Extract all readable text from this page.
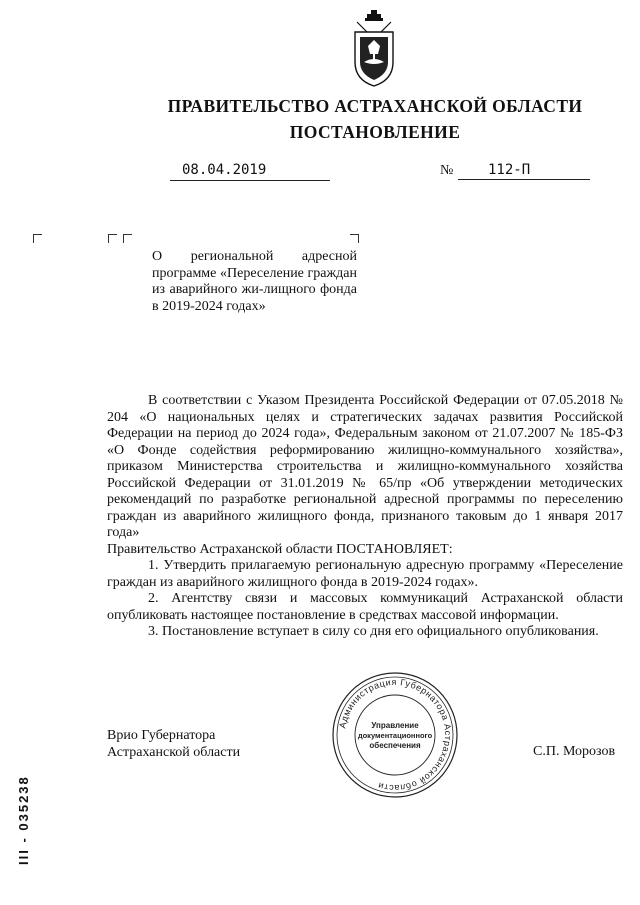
ПРАВИТЕЛЬСТВО АСТРАХАНСКОЙ ОБЛАСТИ
ПОСТАНОВЛЕНИЕ
08.04.2019	№	112-П
О региональной адресной программе «Переселение граждан из аварийного жи-лищного фонда в 2019-2024 годах»

В соответствии с Указом Президента Российской Федерации от 07.05.2018 № 204 «О национальных целях и стратегических задачах развития Российской Федерации на период до 2024 года», Федеральным законом от 21.07.2007 № 185-ФЗ «О Фонде содействия реформированию жилищно-коммунального хозяйства», приказом Министерства строительства и жилищно-коммунального хозяйства Российской Федерации от 31.01.2019 № 65/пр «Об утверждении методических рекомендаций по разработке региональной адресной программы по переселению граждан из аварийного жилищного фонда, признаного таковым до 1 января 2017 года»

Правительство Астраханской области ПОСТАНОВЛЯЕТ:

1. Утвердить прилагаемую региональную адресную программу «Переселение граждан из аварийного жилищного фонда в 2019-2024 годах».

2. Агентству связи и массовых коммуникаций Астраханской области опубликовать настоящее постановление в средствах массовой информации.

3. Постановление вступает в силу со дня его официального опубликования.

Врио Губернатора
Астраханской области	С.П. Морозов
Администрация Губернатора Астраханской области
Управление
документационного
обеспечения
III - 035238
